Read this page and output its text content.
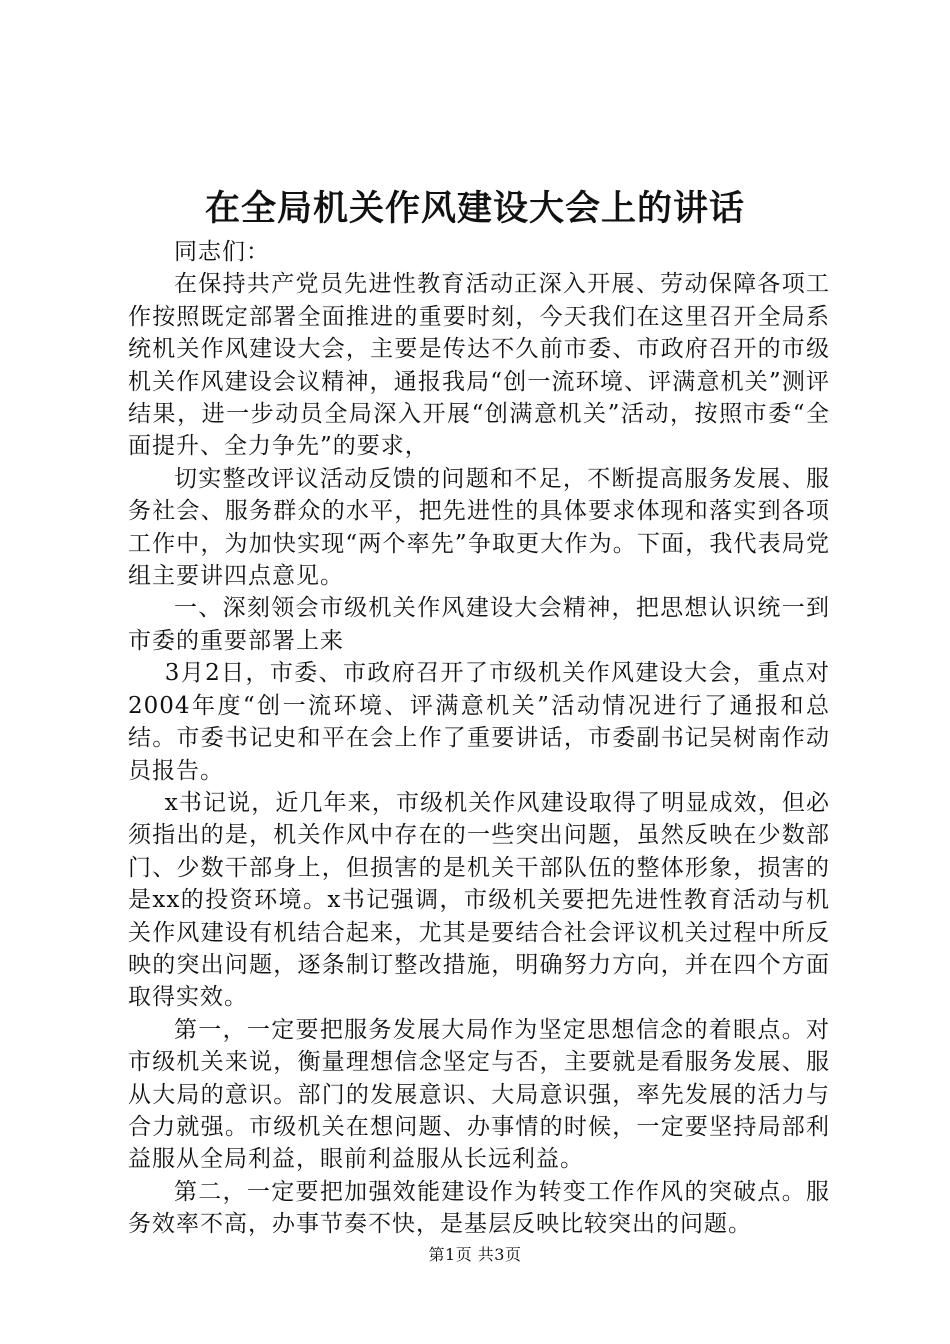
在全局机关作风建设大会上的讲话

同志们：

在保持共产党员先进性教育活动正深入开展、劳动保障各项工作按照既定部署全面推进的重要时刻，今天我们在这里召开全局系统机关作风建设大会，主要是传达不久前市委、市政府召开的市级机关作风建设会议精神，通报我局“创一流环境、评满意机关”测评结果，进一步动员全局深入开展“创满意机关”活动，按照市委“全面提升、全力争先”的要求，

切实整改评议活动反馈的问题和不足，不断提高服务发展、服务社会、服务群众的水平，把先进性的具体要求体现和落实到各项工作中，为加快实现“两个率先”争取更大作为。下面，我代表局党组主要讲四点意见。

一、深刻领会市级机关作风建设大会精神，把思想认识统一到市委的重要部署上来

3月2日，市委、市政府召开了市级机关作风建设大会，重点对2004年度“创一流环境、评满意机关”活动情况进行了通报和总结。市委书记史和平在会上作了重要讲话，市委副书记吴树南作动员报告。

x书记说，近几年来，市级机关作风建设取得了明显成效，但必须指出的是，机关作风中存在的一些突出问题，虽然反映在少数部门、少数干部身上，但损害的是机关干部队伍的整体形象，损害的是xx的投资环境。x书记强调，市级机关要把先进性教育活动与机关作风建设有机结合起来，尤其是要结合社会评议机关过程中所反映的突出问题，逐条制订整改措施，明确努力方向，并在四个方面取得实效。

第一，一定要把服务发展大局作为坚定思想信念的着眼点。对市级机关来说，衡量理想信念坚定与否，主要就是看服务发展、服从大局的意识。部门的发展意识、大局意识强，率先发展的活力与合力就强。市级机关在想问题、办事情的时候，一定要坚持局部利益服从全局利益，眼前利益服从长远利益。

第二，一定要把加强效能建设作为转变工作作风的突破点。服务效率不高，办事节奏不快，是基层反映比较突出的问题。

第1页 共3页
